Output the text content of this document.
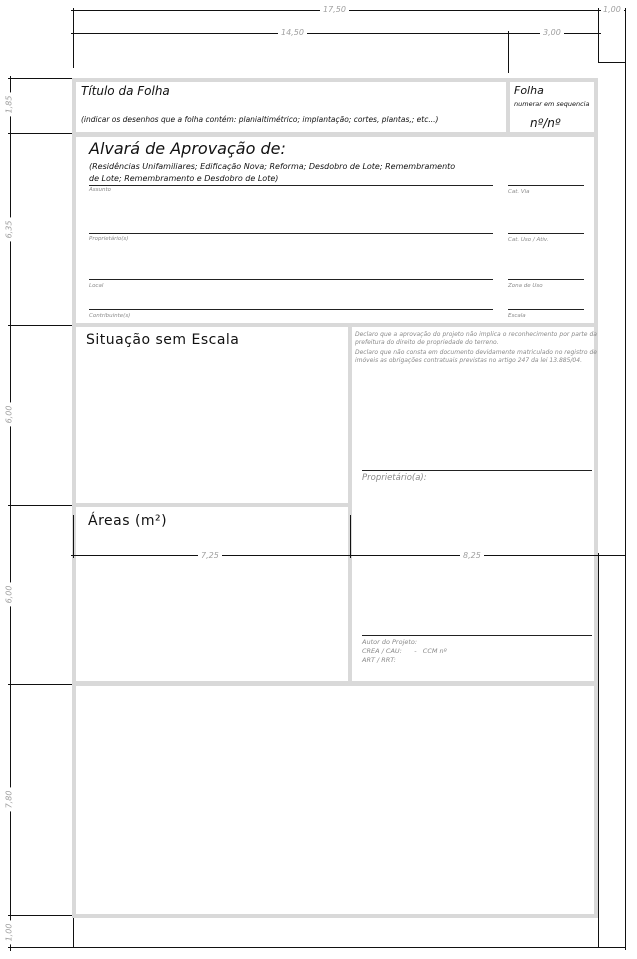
17,50
14,50	3,00
1,00
1,85
6,35
6,00
6,00
7,80
1,00
Título da Folha
(indicar os desenhos que a folha contém: planialtimétrico; implantação; cortes, plantas,; etc...)
Folha
numerar em sequencia
nº/nº
Alvará de Aprovação de:
(Residências Unifamiliares; Edificação Nova; Reforma; Desdobro de Lote; Remembramento
de Lote; Remembramento e Desdobro de Lote)
Assunto	Cat. Via
Proprietário(s)	Cat. Uso / Ativ.
Local	Zona de Uso
Contribuinte(s)	Escala
Situação sem Escala	Declaro que a aprovação do projeto não implica o reconhecimento por parte da prefeitura do direito de propriedade do terreno.
Declaro que não consta em documento devidamente matriculado no registro de imóveis as obrigações contratuais previstas no artigo 247 da lei 13.885/04.
Proprietário(a):
Autor do Projeto:
CREA / CAU:      -   CCM nº
ART / RRT:
Áreas (m²)
7,25	8,25
